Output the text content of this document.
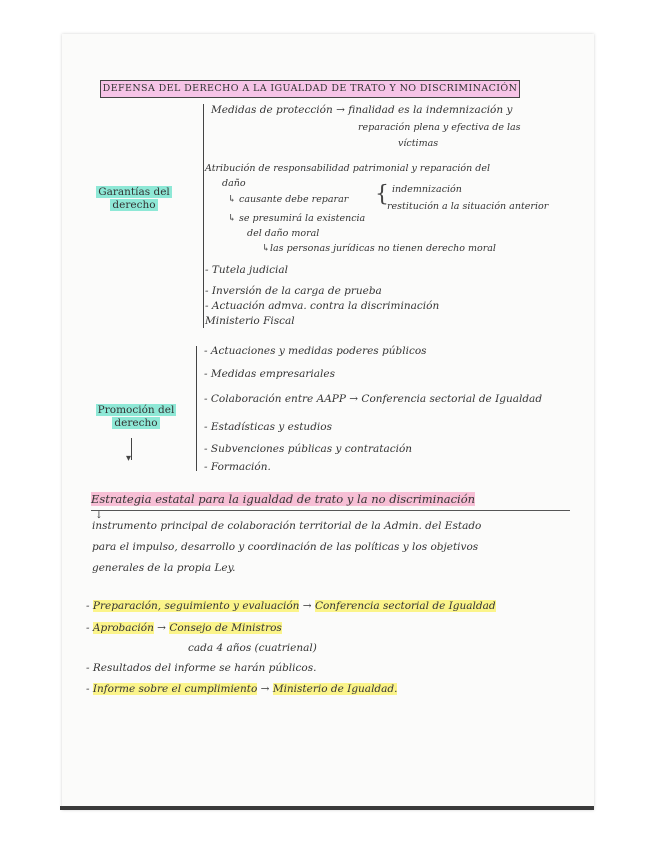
DEFENSA DEL DERECHO A LA IGUALDAD DE TRATO Y NO DISCRIMINACIÓN
Garantías del
derecho
Medidas de protección → finalidad es la indemnización y
reparación plena y efectiva de las
víctimas
Atribución de responsabilidad patrimonial y reparación del
daño
↳ causante debe reparar { indemnización
restitución a la situación anterior
↳ se presumirá la existencia
del daño moral
↳las personas jurídicas no tienen derecho moral
- Tutela judicial
- Inversión de la carga de prueba
- Actuación admva. contra la discriminación
Ministerio Fiscal
Promoción del
derecho
▾
- Actuaciones y medidas poderes públicos
- Medidas empresariales
- Colaboración entre AAPP → Conferencia sectorial de Igualdad
- Estadísticas y estudios
- Subvenciones públicas y contratación
- Formación.
Estrategia estatal para la igualdad de trato y la no discriminación
↓
instrumento principal de colaboración territorial de la Admin. del Estado
para el impulso, desarrollo y coordinación de las políticas y los objetivos
generales de la propia Ley.
- Preparación, seguimiento y evaluación → Conferencia sectorial de Igualdad
- Aprobación → Consejo de Ministros
cada 4 años (cuatrienal)
- Resultados del informe se harán públicos.
- Informe sobre el cumplimiento → Ministerio de Igualdad.
